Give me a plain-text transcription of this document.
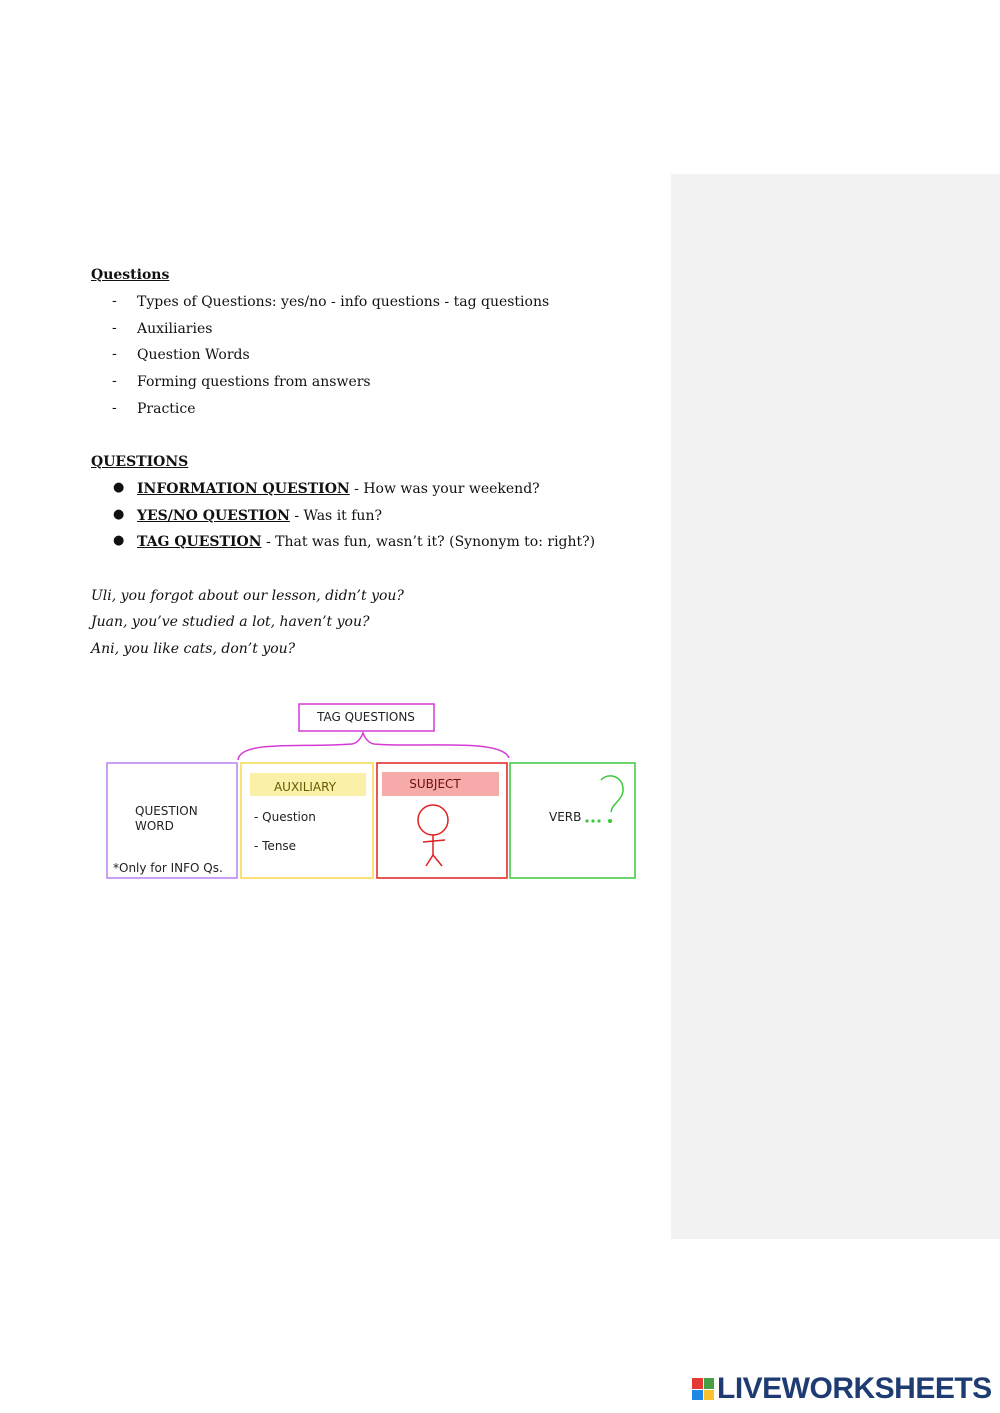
Questions
- Types of Questions: yes/no - info questions - tag questions
- Auxiliaries
- Question Words
- Forming questions from answers
- Practice
QUESTIONS
● INFORMATION QUESTION - How was your weekend?
● YES/NO QUESTION - Was it fun?
● TAG QUESTION - That was fun, wasn’t it? (Synonym to: right?)
Uli, you forgot about our lesson, didn’t you?
Juan, you’ve studied a lot, haven’t you?
Ani, you like cats, don’t you?
TAG QUESTIONS
QUESTION
WORD
*Only for INFO Qs.
AUXILIARY
- Question
- Tense
SUBJECT
VERB
LIVEWORKSHEETS
